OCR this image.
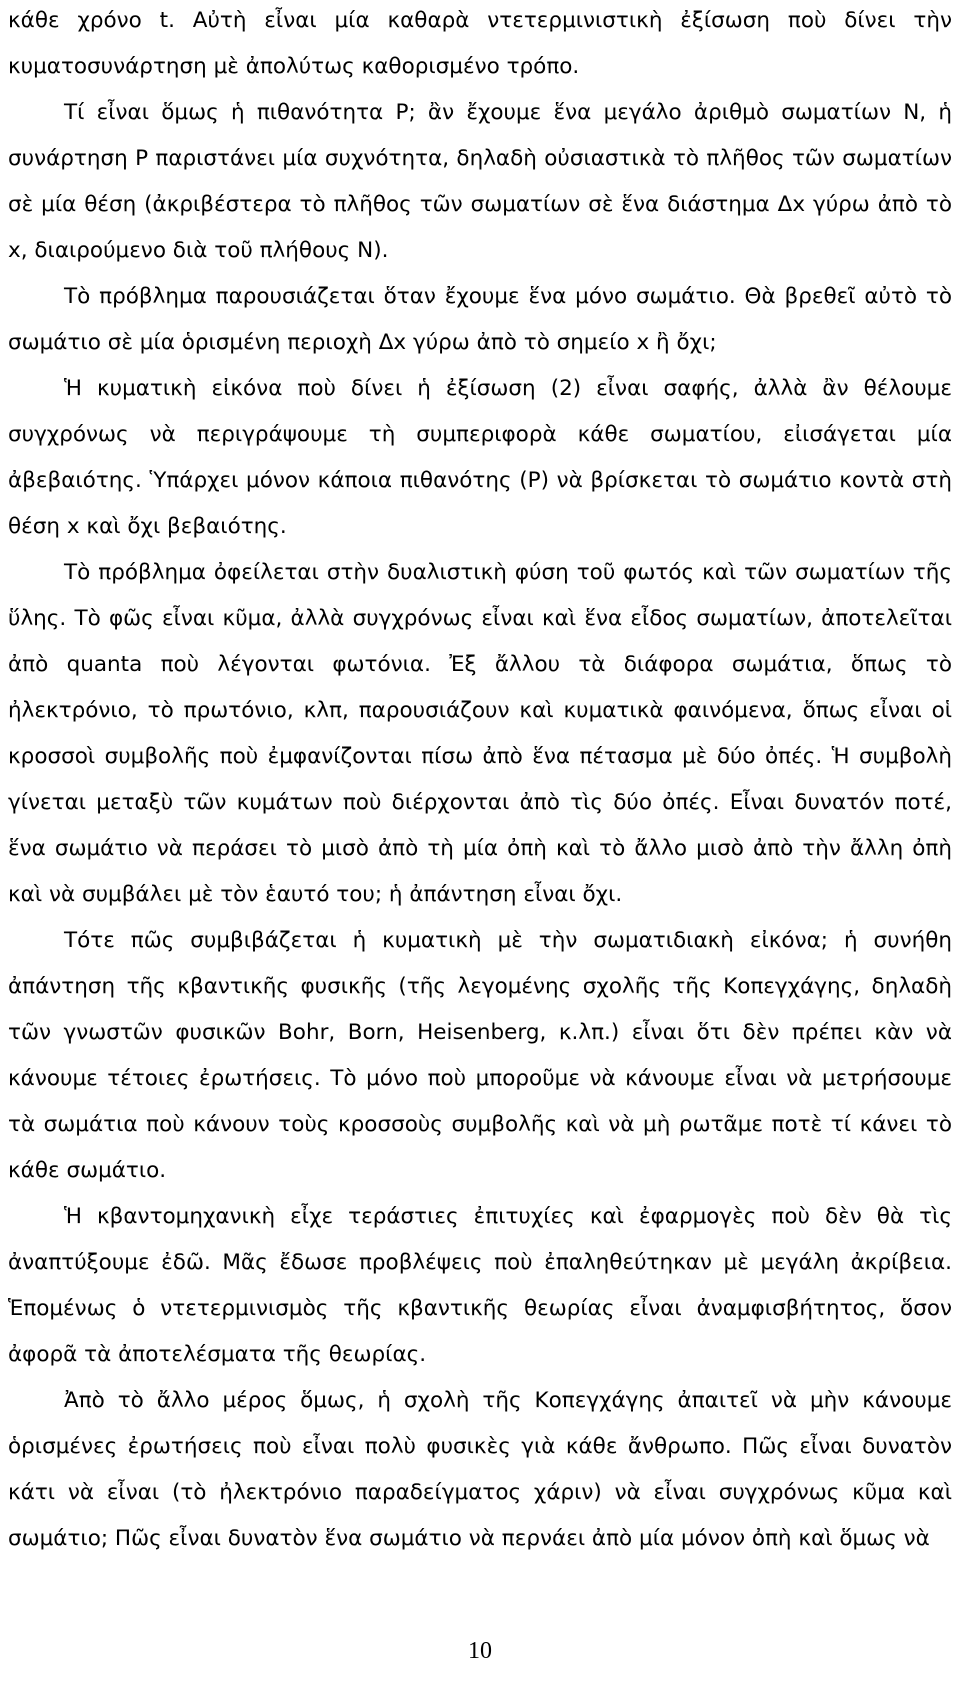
κάθε χρόνο t. Αὐτὴ εἶναι μία καθαρὰ ντετερμινιστικὴ ἐξίσωση ποὺ δίνει τὴν κυματοσυνάρτηση μὲ ἀπολύτως καθορισμένο τρόπο.

Τί εἶναι ὅμως ἡ πιθανότητα P; ἂν ἔχουμε ἕνα μεγάλο ἀριθμὸ σωματίων N, ἡ συνάρτηση P παριστάνει μία συχνότητα, δηλαδὴ οὐσιαστικὰ τὸ πλῆθος τῶν σωματίων σὲ μία θέση (ἀκριβέστερα τὸ πλῆθος τῶν σωματίων σὲ ἕνα διάστημα Δx γύρω ἀπὸ τὸ x, διαιρούμενο διὰ τοῦ πλήθους N).

Τὸ πρόβλημα παρουσιάζεται ὅταν ἔχουμε ἕνα μόνο σωμάτιο. Θὰ βρεθεῖ αὐτὸ τὸ σωμάτιο σὲ μία ὁρισμένη περιοχὴ Δx γύρω ἀπὸ τὸ σημείο x ἢ ὄχι;

Ἡ κυματικὴ εἰκόνα ποὺ δίνει ἡ ἐξίσωση (2) εἶναι σαφής, ἀλλὰ ἂν θέλουμε συγχρόνως νὰ περιγράψουμε τὴ συμπεριφορὰ κάθε σωματίου, εἰισάγεται μία ἀβεβαιότης. Ὑπάρχει μόνον κάποια πιθανότης (P) νὰ βρίσκεται τὸ σωμάτιο κοντὰ στὴ θέση x καὶ ὄχι βεβαιότης.

Τὸ πρόβλημα ὀφείλεται στὴν δυαλιστικὴ φύση τοῦ φωτός καὶ τῶν σωματίων τῆς ὕλης. Τὸ φῶς εἶναι κῦμα, ἀλλὰ συγχρόνως εἶναι καὶ ἕνα εἶδος σωματίων, ἀποτελεῖται ἀπὸ quanta ποὺ λέγονται φωτόνια. Ἐξ ἄλλου τὰ διάφορα σωμάτια, ὅπως τὸ ἠλεκτρόνιο, τὸ πρωτόνιο, κλπ, παρουσιάζουν καὶ κυματικὰ φαινόμενα, ὅπως εἶναι οἱ κροσσοὶ συμβολῆς ποὺ ἐμφανίζονται πίσω ἀπὸ ἕνα πέτασμα μὲ δύο ὀπές. Ἡ συμβολὴ γίνεται μεταξὺ τῶν κυμάτων ποὺ διέρχονται ἀπὸ τὶς δύο ὀπές. Εἶναι δυνατόν ποτέ, ἕνα σωμάτιο νὰ περάσει τὸ μισὸ ἀπὸ τὴ μία ὀπὴ καὶ τὸ ἄλλο μισὸ ἀπὸ τὴν ἄλλη ὀπὴ καὶ νὰ συμβάλει μὲ τὸν ἑαυτό του; ἡ ἀπάντηση εἶναι ὄχι.

Τότε πῶς συμβιβάζεται ἡ κυματικὴ μὲ τὴν σωματιδιακὴ εἰκόνα; ἡ συνήθη ἀπάντηση τῆς κβαντικῆς φυσικῆς (τῆς λεγομένης σχολῆς τῆς Κοπεγχάγης, δηλαδὴ τῶν γνωστῶν φυσικῶν Bohr, Born, Heisenberg, κ.λπ.) εἶναι ὅτι δὲν πρέπει κὰν νὰ κάνουμε τέτοιες ἐρωτήσεις. Τὸ μόνο ποὺ μποροῦμε νὰ κάνουμε εἶναι νὰ μετρήσουμε τὰ σωμάτια ποὺ κάνουν τοὺς κροσσοὺς συμβολῆς καὶ νὰ μὴ ρωτᾶμε ποτὲ τί κάνει τὸ κάθε σωμάτιο.

Ἡ κβαντομηχανικὴ εἶχε τεράστιες ἐπιτυχίες καὶ ἐφαρμογὲς ποὺ δὲν θὰ τὶς ἀναπτύξουμε ἐδῶ. Μᾶς ἔδωσε προβλέψεις ποὺ ἐπαληθεύτηκαν μὲ μεγάλη ἀκρίβεια. Ἑπομένως ὁ ντετερμινισμὸς τῆς κβαντικῆς θεωρίας εἶναι ἀναμφισβήτητος, ὅσον ἀφορᾶ τὰ ἀποτελέσματα τῆς θεωρίας.

Ἀπὸ τὸ ἄλλο μέρος ὅμως, ἡ σχολὴ τῆς Κοπεγχάγης ἀπαιτεῖ νὰ μὴν κάνουμε ὁρισμένες ἐρωτήσεις ποὺ εἶναι πολὺ φυσικὲς γιὰ κάθε ἄνθρωπο. Πῶς εἶναι δυνατὸν κάτι νὰ εἶναι (τὸ ἠλεκτρόνιο παραδείγματος χάριν) νὰ εἶναι συγχρόνως κῦμα καὶ σωμάτιο; Πῶς εἶναι δυνατὸν ἕνα σωμάτιο νὰ περνάει ἀπὸ μία μόνον ὀπὴ καὶ ὅμως νὰ

10
